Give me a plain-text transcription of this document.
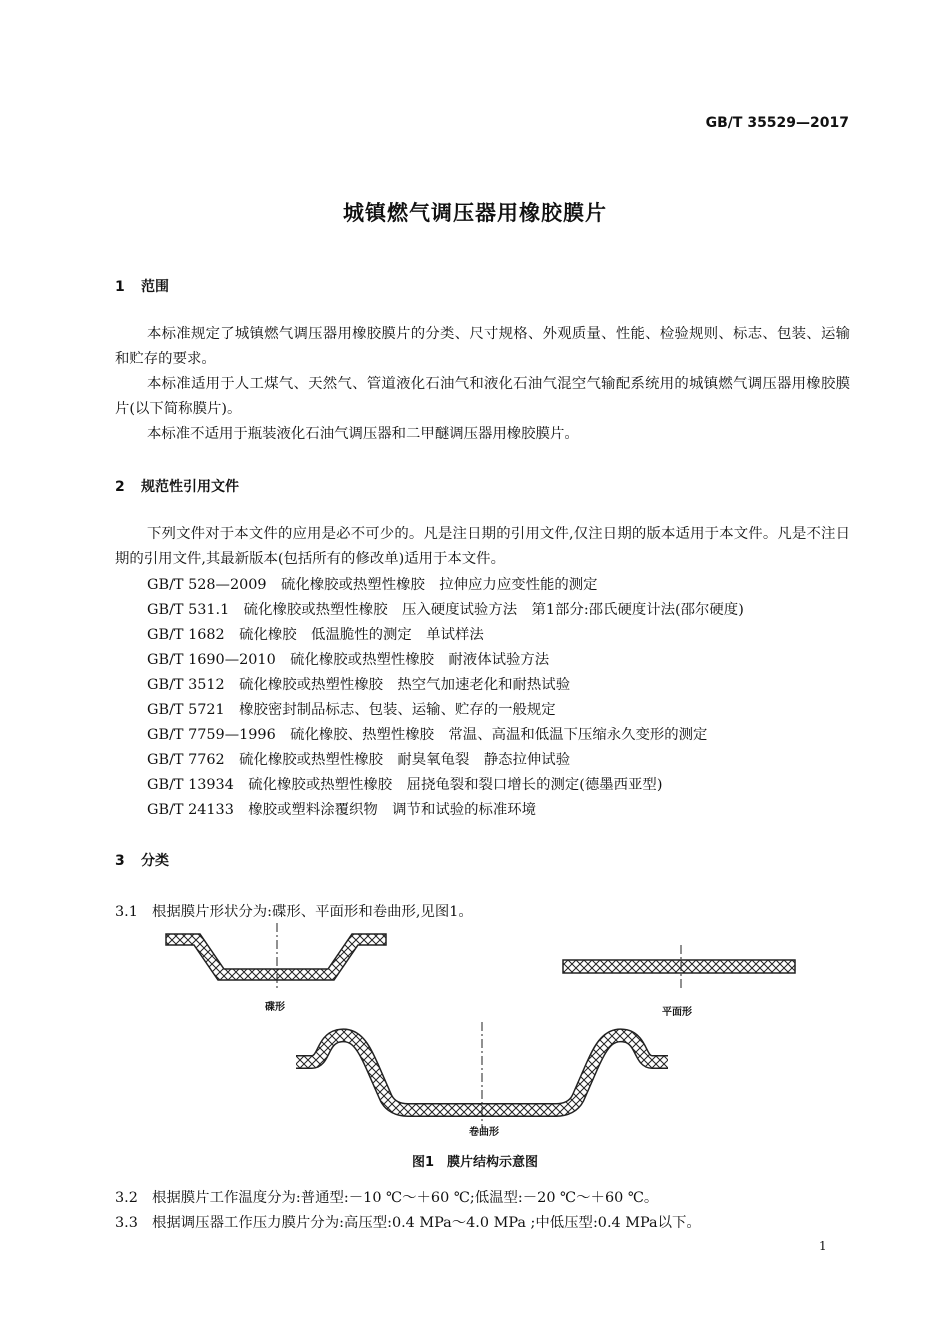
GB/T 35529—2017
城镇燃气调压器用橡胶膜片
1 范围
本标准规定了城镇燃气调压器用橡胶膜片的分类、尺寸规格、外观质量、性能、检验规则、标志、包装、运输和贮存的要求。
本标准适用于人工煤气、天然气、管道液化石油气和液化石油气混空气输配系统用的城镇燃气调压器用橡胶膜片(以下简称膜片)。
本标准不适用于瓶装液化石油气调压器和二甲醚调压器用橡胶膜片。
2 规范性引用文件
下列文件对于本文件的应用是必不可少的。凡是注日期的引用文件,仅注日期的版本适用于本文件。凡是不注日期的引用文件,其最新版本(包括所有的修改单)适用于本文件。
GB/T 528—2009　硫化橡胶或热塑性橡胶　拉伸应力应变性能的测定
GB/T 531.1　硫化橡胶或热塑性橡胶　压入硬度试验方法　第1部分:邵氏硬度计法(邵尔硬度)
GB/T 1682　硫化橡胶　低温脆性的测定　单试样法
GB/T 1690—2010　硫化橡胶或热塑性橡胶　耐液体试验方法
GB/T 3512　硫化橡胶或热塑性橡胶　热空气加速老化和耐热试验
GB/T 5721　橡胶密封制品标志、包装、运输、贮存的一般规定
GB/T 7759—1996　硫化橡胶、热塑性橡胶　常温、高温和低温下压缩永久变形的测定
GB/T 7762　硫化橡胶或热塑性橡胶　耐臭氧龟裂　静态拉伸试验
GB/T 13934　硫化橡胶或热塑性橡胶　屈挠龟裂和裂口增长的测定(德墨西亚型)
GB/T 24133　橡胶或塑料涂覆织物　调节和试验的标准环境
3 分类
3.1 根据膜片形状分为:碟形、平面形和卷曲形,见图1。
碟形	平面形
卷曲形
图1　膜片结构示意图
3.2 根据膜片工作温度分为:普通型:－10 ℃～＋60 ℃;低温型:－20 ℃～＋60 ℃。
3.3 根据调压器工作压力膜片分为:高压型:0.4 MPa～4.0 MPa ;中低压型:0.4 MPa以下。
1
